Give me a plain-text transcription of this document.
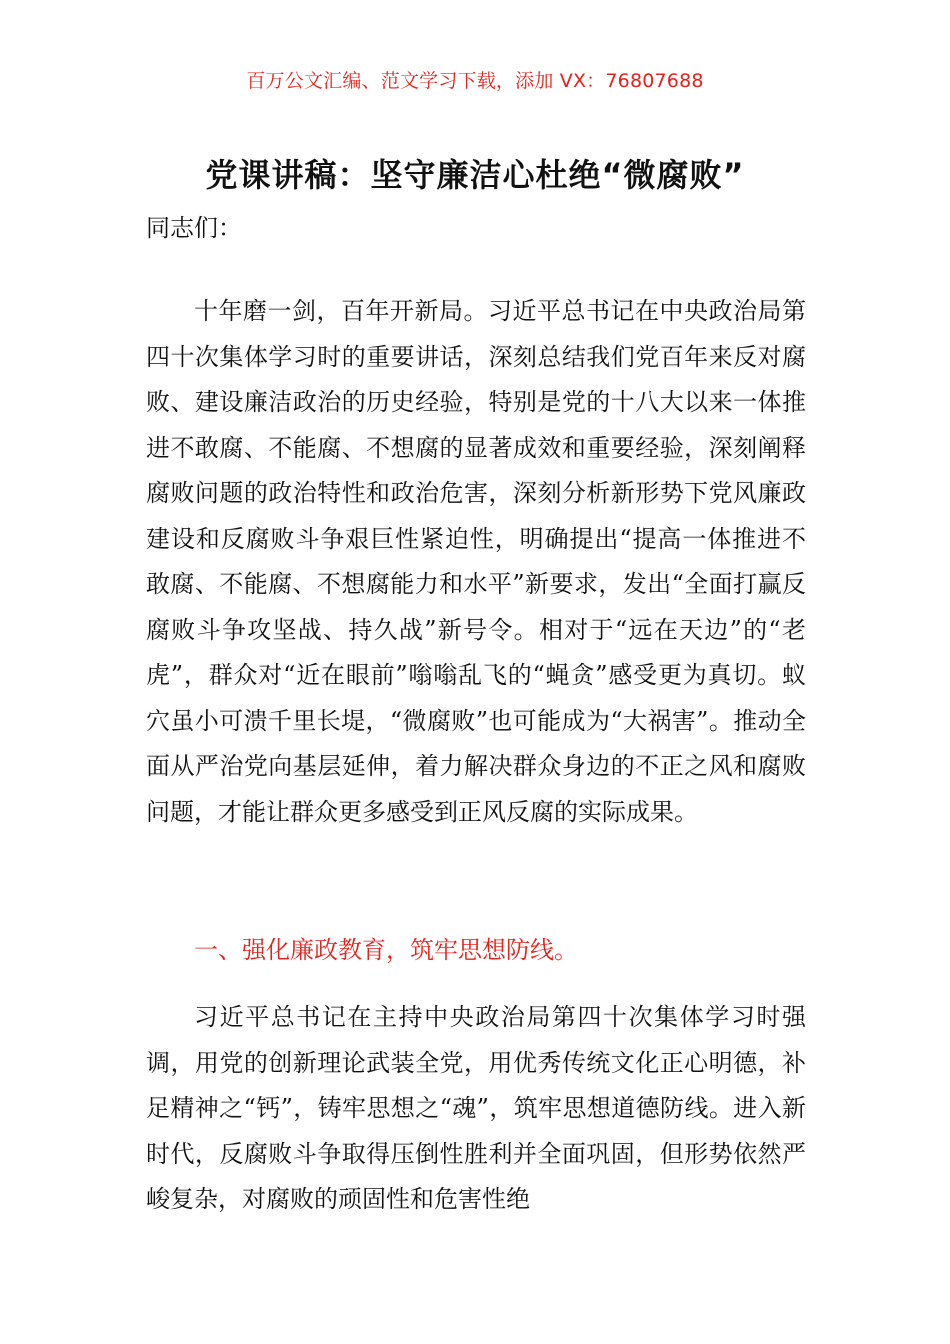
百万公文汇编、范文学习下载，添加 VX：76807688
党课讲稿：坚守廉洁心杜绝“微腐败”
同志们：

十年磨一剑，百年开新局。习近平总书记在中央政治局第四十次集体学习时的重要讲话，深刻总结我们党百年来反对腐败、建设廉洁政治的历史经验，特别是党的十八大以来一体推进不敢腐、不能腐、不想腐的显著成效和重要经验，深刻阐释腐败问题的政治特性和政治危害，深刻分析新形势下党风廉政建设和反腐败斗争艰巨性紧迫性，明确提出“提高一体推进不敢腐、不能腐、不想腐能力和水平”新要求，发出“全面打赢反腐败斗争攻坚战、持久战”新号令。相对于“远在天边”的“老虎”，群众对“近在眼前”嗡嗡乱飞的“蝇贪”感受更为真切。蚁穴虽小可溃千里长堤，“微腐败”也可能成为“大祸害”。推动全面从严治党向基层延伸，着力解决群众身边的不正之风和腐败问题，才能让群众更多感受到正风反腐的实际成果。

一、强化廉政教育，筑牢思想防线。

习近平总书记在主持中央政治局第四十次集体学习时强调，用党的创新理论武装全党，用优秀传统文化正心明德，补足精神之“钙”，铸牢思想之“魂”，筑牢思想道德防线。进入新时代，反腐败斗争取得压倒性胜利并全面巩固，但形势依然严峻复杂，对腐败的顽固性和危害性绝
